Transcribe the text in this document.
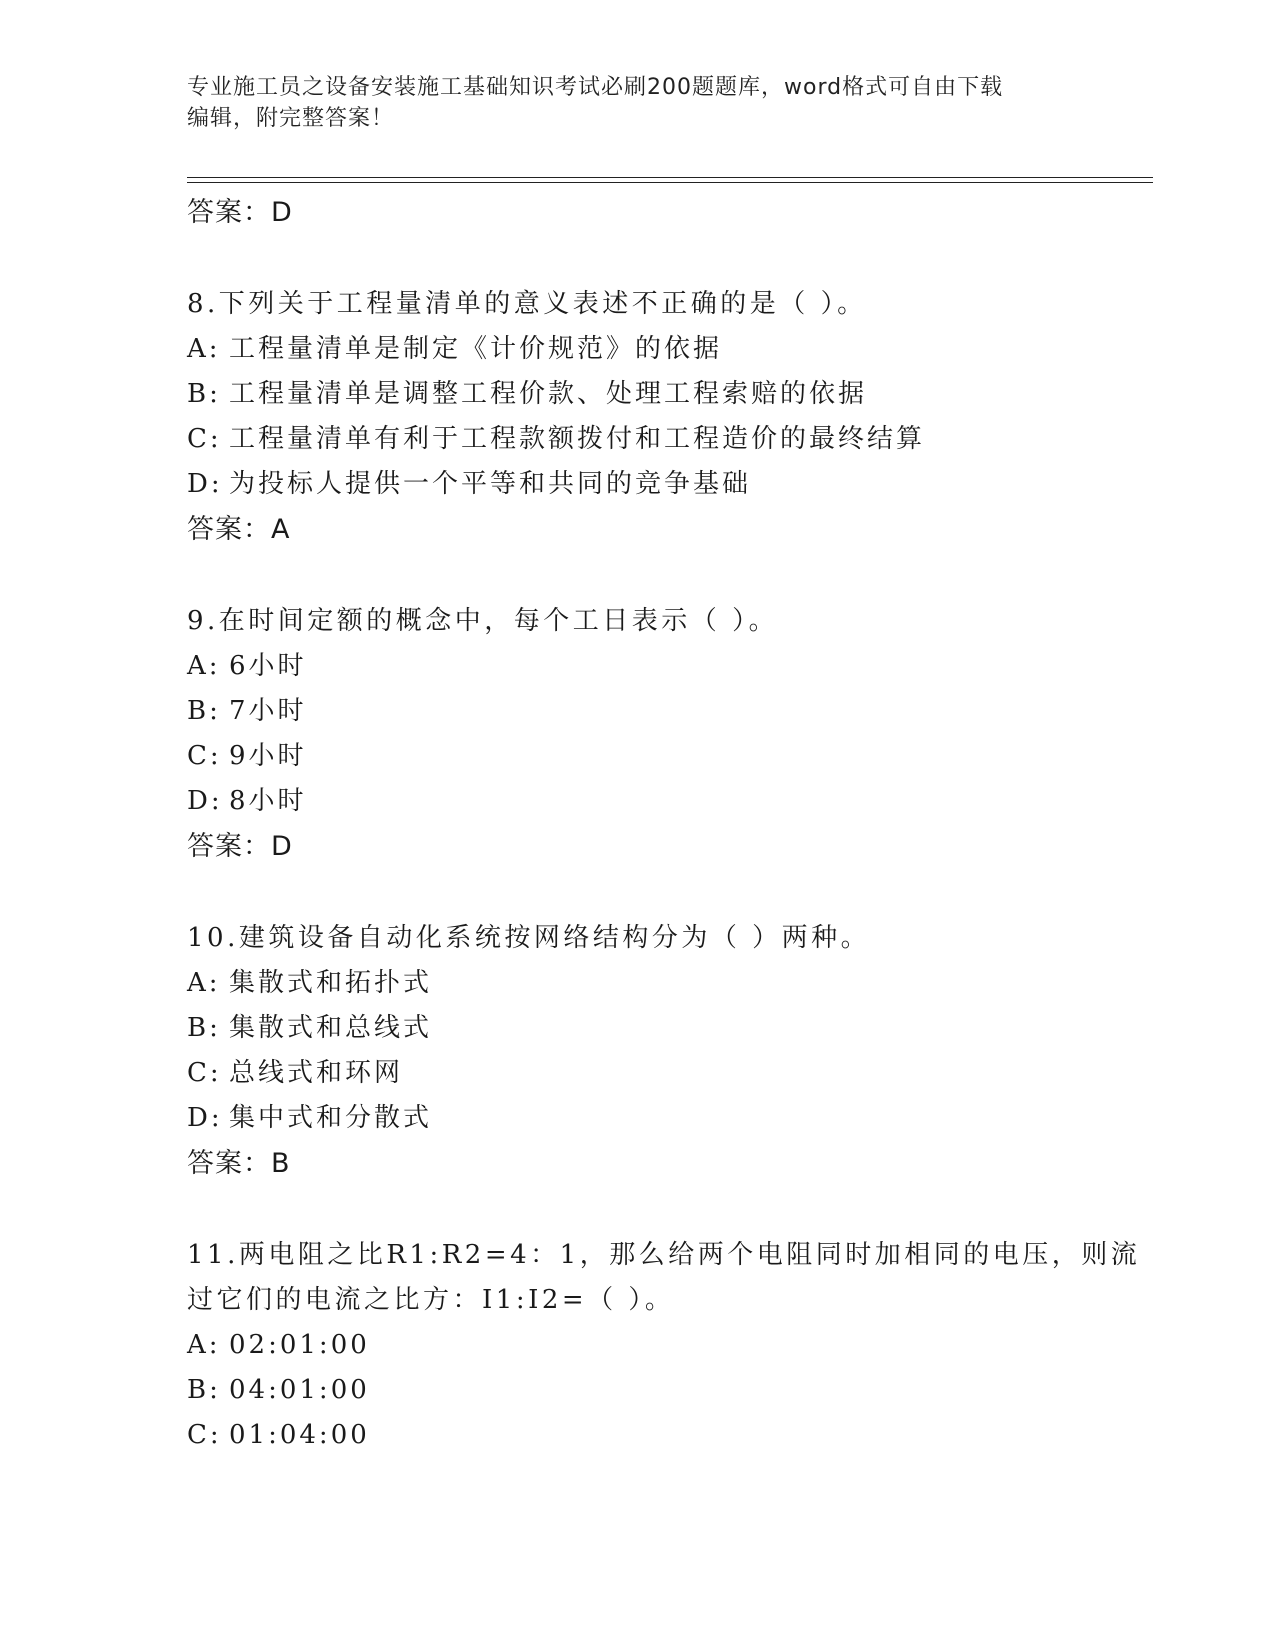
专业施工员之设备安装施工基础知识考试必刷200题题库，word格式可自由下载
编辑，附完整答案！
答案：D
8.下列关于工程量清单的意义表述不正确的是（ ）。
A: 工程量清单是制定《计价规范》的依据
B: 工程量清单是调整工程价款、处理工程索赔的依据
C: 工程量清单有利于工程款额拨付和工程造价的最终结算
D: 为投标人提供一个平等和共同的竞争基础
答案：A
9.在时间定额的概念中，每个工日表示（ ）。
A: 6小时
B: 7小时
C: 9小时
D: 8小时
答案：D
10.建筑设备自动化系统按网络结构分为（ ）两种。
A: 集散式和拓扑式
B: 集散式和总线式
C: 总线式和环网
D: 集中式和分散式
答案：B
11.两电阻之比R1:R2=4：1，那么给两个电阻同时加相同的电压，则流
过它们的电流之比方：I1:I2=（ ）。
A: 02:01:00
B: 04:01:00
C: 01:04:00
